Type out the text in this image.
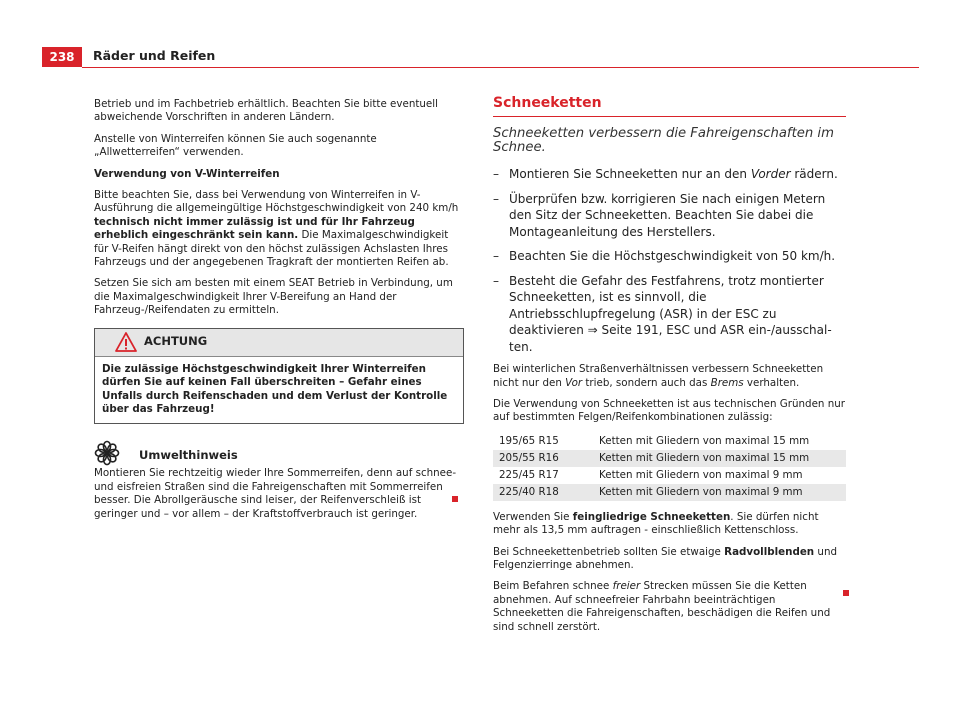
238	Räder und Reifen

Betrieb und im Fachbetrieb erhältlich. Beachten Sie bitte eventuell abweichende Vorschriften in anderen Ländern.

Anstelle von Winterreifen können Sie auch sogenannte „Allwetterreifen“ verwenden.

Verwendung von V-Winterreifen

Bitte beachten Sie, dass bei Verwendung von Winterreifen in V-Ausführung die allgemeingültige Höchstgeschwindigkeit von 240 km/h technisch nicht immer zulässig ist und für Ihr Fahrzeug erheblich eingeschränkt sein kann. Die Maximalgeschwindigkeit für V-Reifen hängt direkt von den höchst zulässigen Achslasten Ihres Fahrzeugs und der angegebenen Tragkraft der montierten Reifen ab.

Setzen Sie sich am besten mit einem SEAT Betrieb in Verbindung, um die Maximalgeschwindigkeit Ihrer V-Bereifung an Hand der Fahrzeug-/Reifendaten zu ermitteln.

ACHTUNG
Die zulässige Höchstgeschwindigkeit Ihrer Winterreifen dürfen Sie auf keinen Fall überschreiten – Gefahr eines Unfalls durch Reifenschaden und dem Verlust der Kontrolle über das Fahrzeug!
Umwelthinweis

Montieren Sie rechtzeitig wieder Ihre Sommerreifen, denn auf schnee- und eisfreien Straßen sind die Fahreigenschaften mit Sommerreifen besser. Die Abrollgeräusche sind leiser, der Reifenverschleiß ist geringer und – vor allem – der Kraftstoffverbrauch ist geringer.

Schneeketten
Schneeketten verbessern die Fahreigenschaften im Schnee.
– Montieren Sie Schneeketten nur an den Vorder rädern.
– Überprüfen bzw. korrigieren Sie nach einigen Metern den Sitz der Schneeketten. Beachten Sie dabei die Montageanleitung des Herstellers.
– Beachten Sie die Höchstgeschwindigkeit von 50 km/h.
– Besteht die Gefahr des Festfahrens, trotz montierter Schneeketten, ist es sinnvoll, die Antriebsschlupfregelung (ASR) in der ESC zu deaktivieren ⇒ Seite 191, ESC und ASR ein-/ausschalten.

Bei winterlichen Straßenverhältnissen verbessern Schneeketten nicht nur den Vor trieb, sondern auch das Brems verhalten.

Die Verwendung von Schneeketten ist aus technischen Gründen nur auf bestimmten Felgen/Reifenkombinationen zulässig:

195/65 R15	Ketten mit Gliedern von maximal 15 mm
205/55 R16	Ketten mit Gliedern von maximal 15 mm
225/45 R17	Ketten mit Gliedern von maximal 9 mm
225/40 R18	Ketten mit Gliedern von maximal 9 mm

Verwenden Sie feingliedrige Schneeketten. Sie dürfen nicht mehr als 13,5 mm auftragen - einschließlich Kettenschloss.

Bei Schneekettenbetrieb sollten Sie etwaige Radvollblenden und Felgenzierringe abnehmen.

Beim Befahren schnee freier Strecken müssen Sie die Ketten abnehmen. Auf schneefreier Fahrbahn beeinträchtigen Schneeketten die Fahreigenschaften, beschädigen die Reifen und sind schnell zerstört.
